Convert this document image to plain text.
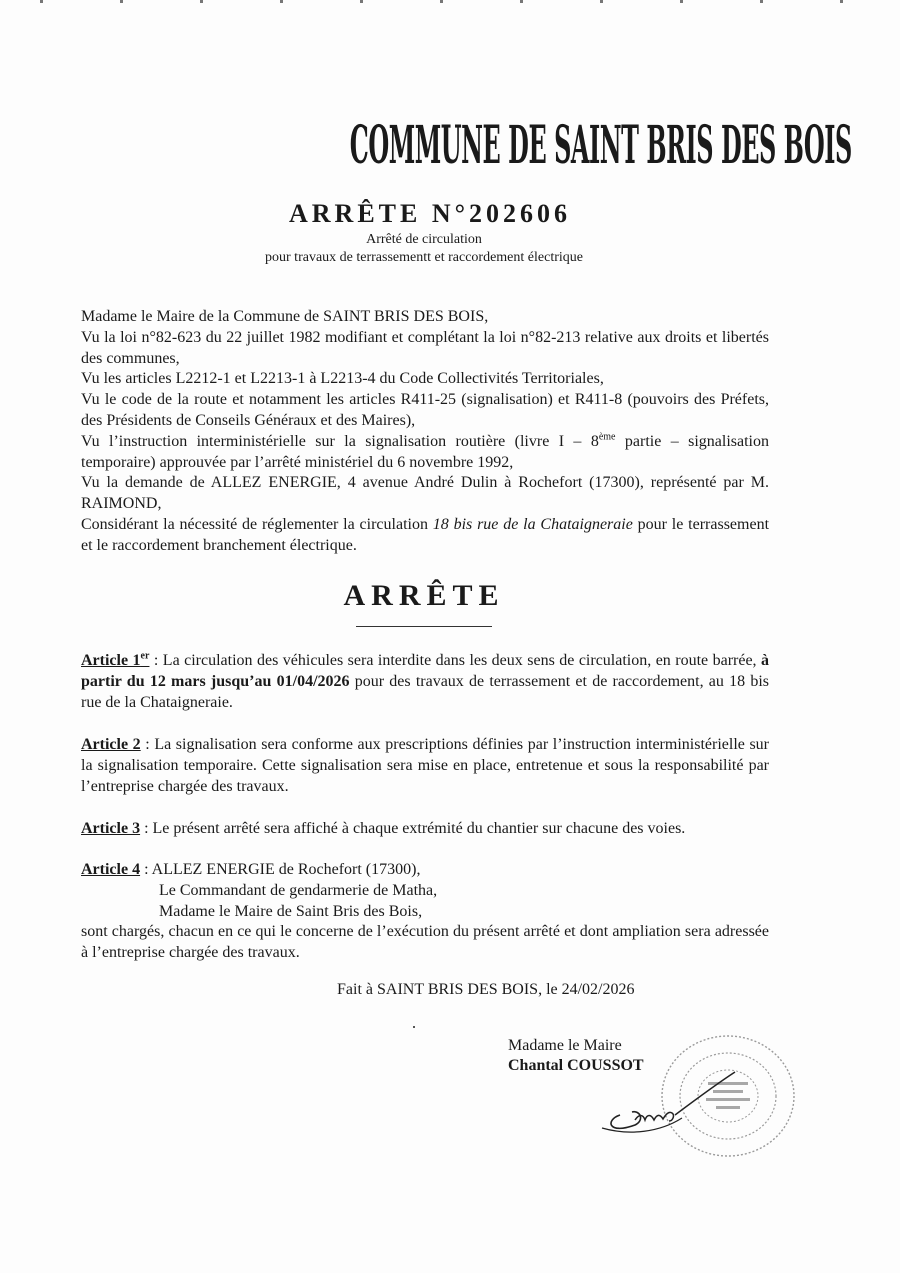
COMMUNE DE SAINT BRIS DES BOIS
ARRÊTE N°202606
Arrêté de circulation
pour travaux de terrassementt et raccordement électrique

Madame le Maire de la Commune de SAINT BRIS DES BOIS,

Vu la loi n°82-623 du 22 juillet 1982 modifiant et complétant la loi n°82-213 relative aux droits et libertés des communes,

Vu les articles L2212-1 et L2213-1 à L2213-4 du Code Collectivités Territoriales,

Vu le code de la route et notamment les articles R411-25 (signalisation) et R411-8 (pouvoirs des Préfets, des Présidents de Conseils Généraux et des Maires),

Vu l’instruction interministérielle sur la signalisation routière (livre I – 8ème partie – signalisation temporaire) approuvée par l’arrêté ministériel du 6 novembre 1992,

Vu la demande de ALLEZ ENERGIE, 4 avenue André Dulin à Rochefort (17300), représenté par M. RAIMOND,

Considérant la nécessité de réglementer la circulation 18 bis rue de la Chataigneraie pour le terrassement et le raccordement branchement électrique.

ARRÊTE
Article 1er : La circulation des véhicules sera interdite dans les deux sens de circulation, en route barrée, à partir du 12 mars jusqu’au 01/04/2026 pour des travaux de terrassement et de raccordement, au 18 bis rue de la Chataigneraie.
Article 2 : La signalisation sera conforme aux prescriptions définies par l’instruction interministérielle sur la signalisation temporaire. Cette signalisation sera mise en place, entretenue et sous la responsabilité par l’entreprise chargée des travaux.
Article 3 : Le présent arrêté sera affiché à chaque extrémité du chantier sur chacune des voies.
Article 4 : ALLEZ ENERGIE de Rochefort (17300),
Le Commandant de gendarmerie de Matha,
Madame le Maire de Saint Bris des Bois,
sont chargés, chacun en ce qui le concerne de l’exécution du présent arrêté et dont ampliation sera adressée à l’entreprise chargée des travaux.
Fait à SAINT BRIS DES BOIS, le 24/02/2026
Madame le Maire
Chantal COUSSOT
